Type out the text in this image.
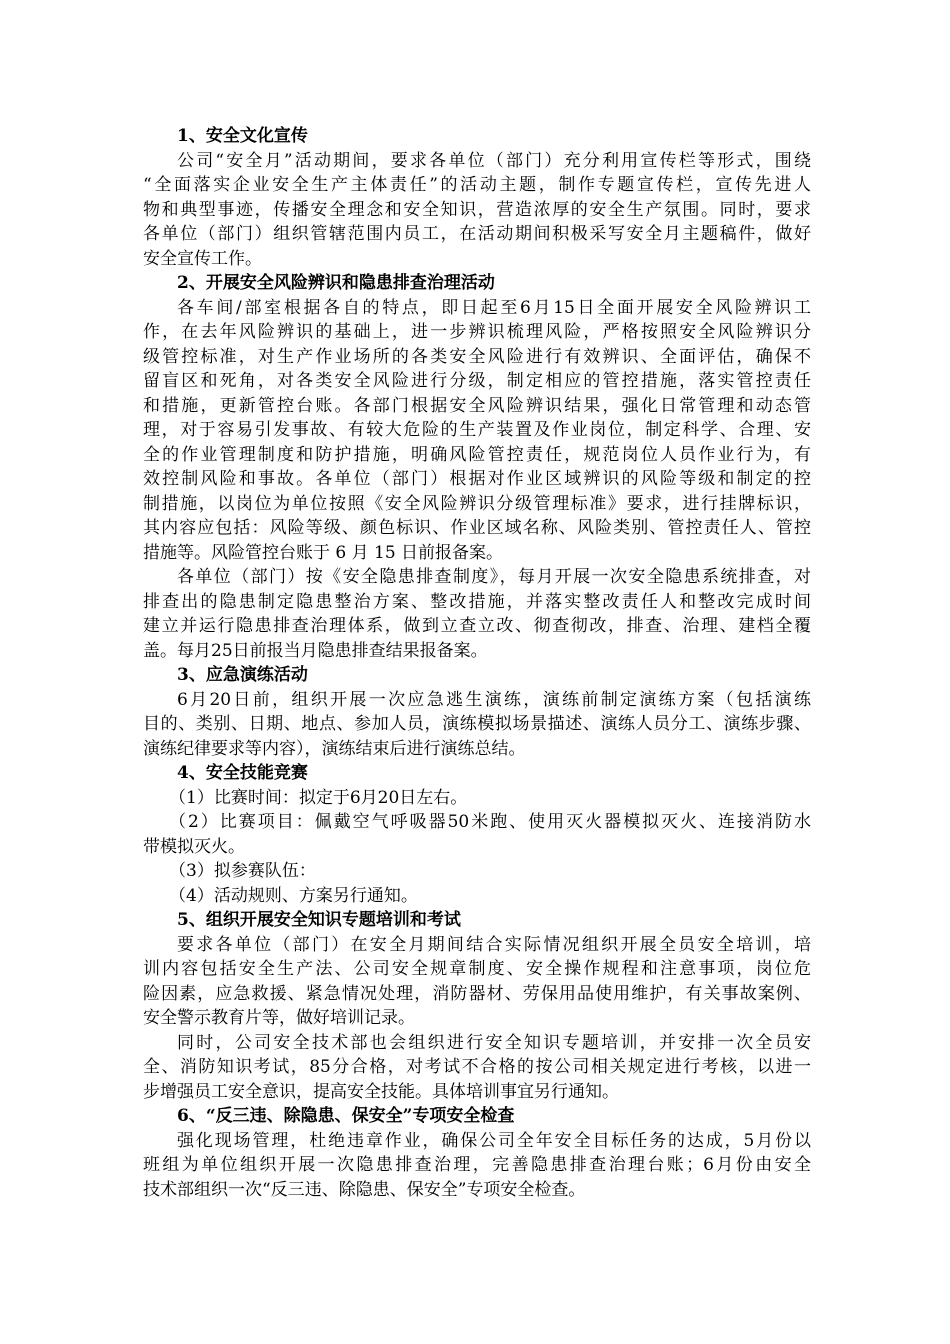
1、安全文化宣传
公司“安全月”活动期间，要求各单位（部门）充分利用宣传栏等形式，围绕
“全面落实企业安全生产主体责任”的活动主题，制作专题宣传栏，宣传先进人
物和典型事迹，传播安全理念和安全知识，营造浓厚的安全生产氛围。同时，要求
各单位（部门）组织管辖范围内员工，在活动期间积极采写安全月主题稿件，做好
安全宣传工作。
2、开展安全风险辨识和隐患排查治理活动
各车间/部室根据各自的特点，即日起至6月15日全面开展安全风险辨识工
作，在去年风险辨识的基础上，进一步辨识梳理风险，严格按照安全风险辨识分
级管控标准，对生产作业场所的各类安全风险进行有效辨识、全面评估，确保不
留盲区和死角，对各类安全风险进行分级，制定相应的管控措施，落实管控责任
和措施，更新管控台账。各部门根据安全风险辨识结果，强化日常管理和动态管
理，对于容易引发事故、有较大危险的生产装置及作业岗位，制定科学、合理、安
全的作业管理制度和防护措施，明确风险管控责任，规范岗位人员作业行为，有
效控制风险和事故。各单位（部门）根据对作业区域辨识的风险等级和制定的控
制措施，以岗位为单位按照《安全风险辨识分级管理标准》要求，进行挂牌标识，
其内容应包括：风险等级、颜色标识、作业区域名称、风险类别、管控责任人、管控
措施等。风险管控台账于 6 月 15 日前报备案。
各单位（部门）按《安全隐患排查制度》，每月开展一次安全隐患系统排查，对
排查出的隐患制定隐患整治方案、整改措施，并落实整改责任人和整改完成时间
建立并运行隐患排查治理体系，做到立查立改、彻查彻改，排查、治理、建档全覆
盖。每月25日前报当月隐患排查结果报备案。
3、应急演练活动
6月20日前，组织开展一次应急逃生演练，演练前制定演练方案（包括演练
目的、类别、日期、地点、参加人员，演练模拟场景描述、演练人员分工、演练步骤、
演练纪律要求等内容），演练结束后进行演练总结。
4、安全技能竞赛
（1）比赛时间：拟定于6月20日左右。
（2）比赛项目：佩戴空气呼吸器50米跑、使用灭火器模拟灭火、连接消防水
带模拟灭火。
（3）拟参赛队伍：
（4）活动规则、方案另行通知。
5、组织开展安全知识专题培训和考试
要求各单位（部门）在安全月期间结合实际情况组织开展全员安全培训，培
训内容包括安全生产法、公司安全规章制度、安全操作规程和注意事项，岗位危
险因素，应急救援、紧急情况处理，消防器材、劳保用品使用维护，有关事故案例、
安全警示教育片等，做好培训记录。
同时，公司安全技术部也会组织进行安全知识专题培训，并安排一次全员安
全、消防知识考试，85分合格，对考试不合格的按公司相关规定进行考核，以进一
步增强员工安全意识，提高安全技能。具体培训事宜另行通知。
6、“反三违、除隐患、保安全”专项安全检查
强化现场管理，杜绝违章作业，确保公司全年安全目标任务的达成，5月份以
班组为单位组织开展一次隐患排查治理，完善隐患排查治理台账；6月份由安全
技术部组织一次“反三违、除隐患、保安全”专项安全检查。
